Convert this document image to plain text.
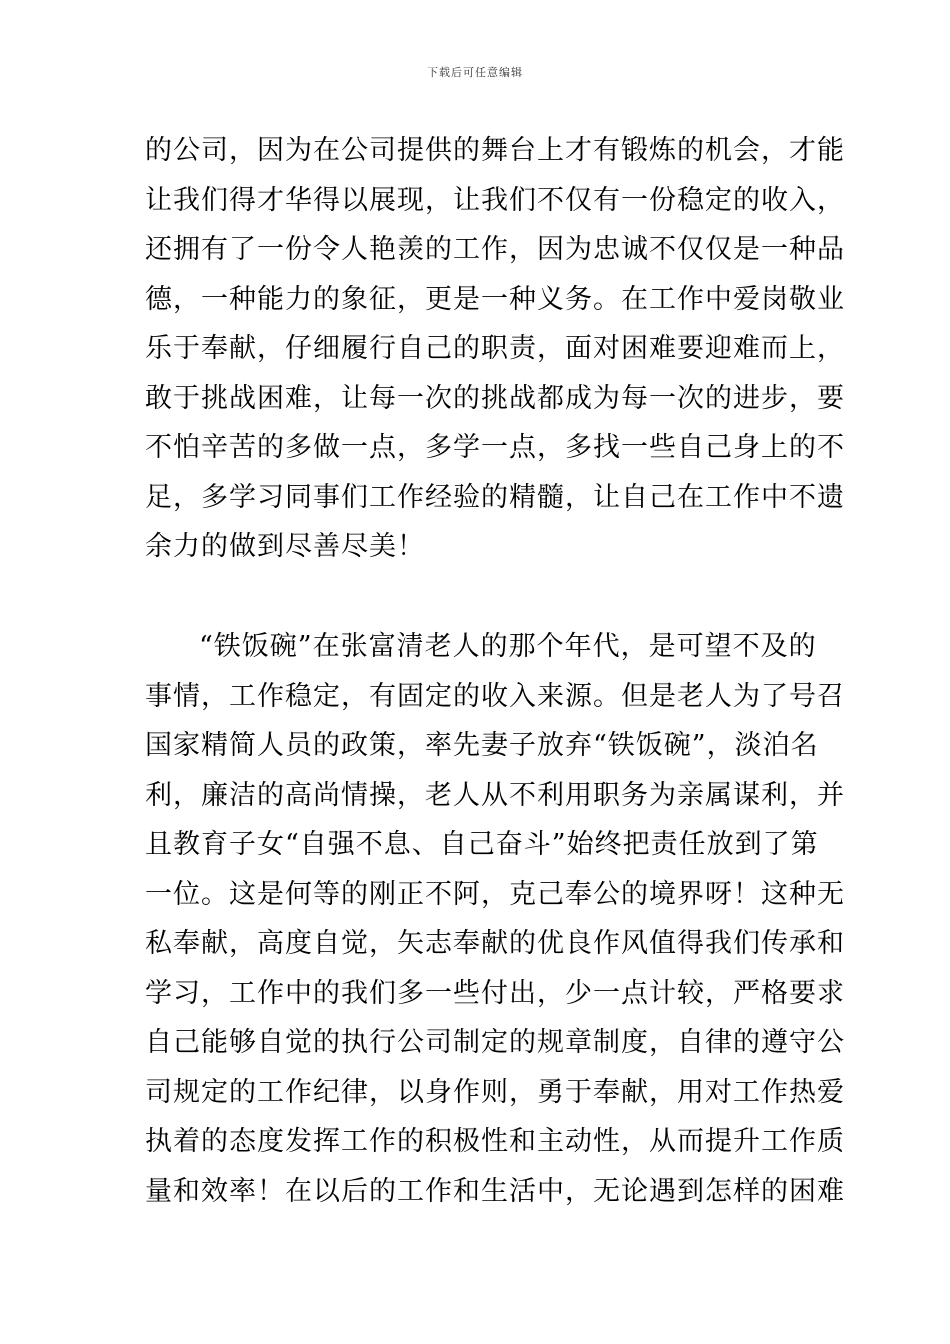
下载后可任意编辑
的公司，因为在公司提供的舞台上才有锻炼的机会，才能
让我们得才华得以展现，让我们不仅有一份稳定的收入，
还拥有了一份令人艳羡的工作，因为忠诚不仅仅是一种品
德，一种能力的象征，更是一种义务。在工作中爱岗敬业
乐于奉献，仔细履行自己的职责，面对困难要迎难而上，
敢于挑战困难，让每一次的挑战都成为每一次的进步，要
不怕辛苦的多做一点，多学一点，多找一些自己身上的不
足，多学习同事们工作经验的精髓，让自己在工作中不遗
余力的做到尽善尽美！
“铁饭碗”在张富清老人的那个年代，是可望不及的
事情，工作稳定，有固定的收入来源。但是老人为了号召
国家精简人员的政策，率先妻子放弃“铁饭碗”，淡泊名
利，廉洁的高尚情操，老人从不利用职务为亲属谋利，并
且教育子女“自强不息、自己奋斗”始终把责任放到了第
一位。这是何等的刚正不阿，克己奉公的境界呀！这种无
私奉献，高度自觉，矢志奉献的优良作风值得我们传承和
学习，工作中的我们多一些付出，少一点计较，严格要求
自己能够自觉的执行公司制定的规章制度，自律的遵守公
司规定的工作纪律，以身作则，勇于奉献，用对工作热爱
执着的态度发挥工作的积极性和主动性，从而提升工作质
量和效率！在以后的工作和生活中，无论遇到怎样的困难
